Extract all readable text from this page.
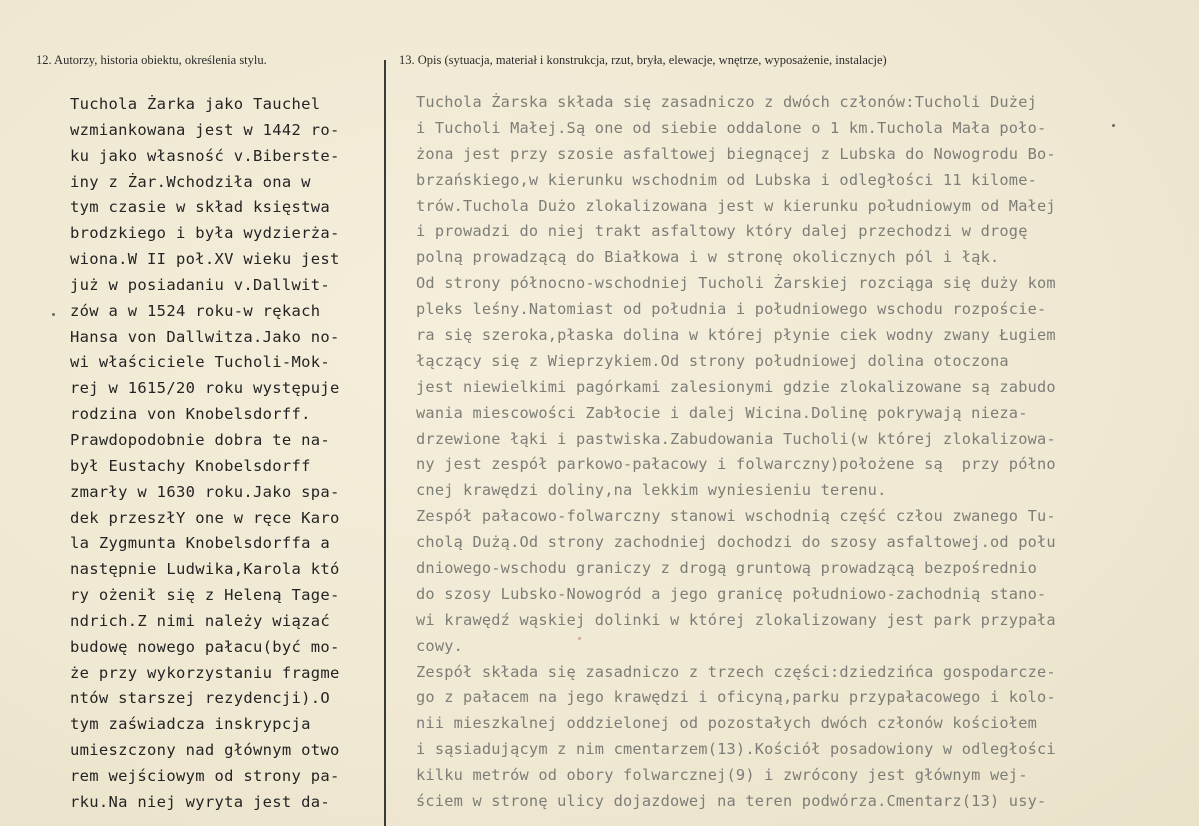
12. Autorzy, historia obiektu, określenia stylu.	13. Opis (sytuacja, materiał i konstrukcja, rzut, bryła, elewacje, wnętrze, wyposażenie, instalacje)
Tuchola Żarka jako Tauchel
wzmiankowana jest w 1442 ro-
ku jako własność v.Biberste-
iny z Żar.Wchodziła ona w
tym czasie w skład księstwa
brodzkiego i była wydzierża-
wiona.W II poł.XV wieku jest
już w posiadaniu v.Dallwit-
zów a w 1524 roku-w rękach
Hansa von Dallwitza.Jako no-
wi właściciele Tucholi-Mok-
rej w 1615/20 roku występuje
rodzina von Knobelsdorff.
Prawdopodobnie dobra te na-
był Eustachy Knobelsdorff
zmarły w 1630 roku.Jako spa-
dek przeszłY one w ręce Karo
la Zygmunta Knobelsdorffa a
następnie Ludwika,Karola któ
ry ożenił się z Heleną Tage-
ndrich.Z nimi należy wiązać
budowę nowego pałacu(być mo-
że przy wykorzystaniu fragme
ntów starszej rezydencji).O
tym zaświadcza inskrypcja
umieszczony nad głównym otwo
rem wejściowym od strony pa-
rku.Na niej wyryta jest da-
Tuchola Żarska składa się zasadniczo z dwóch członów:Tucholi Dużej
i Tucholi Małej.Są one od siebie oddalone o 1 km.Tuchola Mała poło-
żona jest przy szosie asfaltowej biegnącej z Lubska do Nowogrodu Bo-
brzańskiego,w kierunku wschodnim od Lubska i odległości 11 kilome-
trów.Tuchola Dużo zlokalizowana jest w kierunku południowym od Małej
i prowadzi do niej trakt asfaltowy który dalej przechodzi w drogę
polną prowadzącą do Białkowa i w stronę okolicznych pól i łąk.
Od strony północno-wschodniej Tucholi Żarskiej rozciąga się duży kom
pleks leśny.Natomiast od południa i południowego wschodu rozpoście-
ra się szeroka,płaska dolina w której płynie ciek wodny zwany Ługiem
łączący się z Wieprzykiem.Od strony południowej dolina otoczona
jest niewielkimi pagórkami zalesionymi gdzie zlokalizowane są zabudo
wania miescowości Zabłocie i dalej Wicina.Dolinę pokrywają nieza-
drzewione łąki i pastwiska.Zabudowania Tucholi(w której zlokalizowa-
ny jest zespół parkowo-pałacowy i folwarczny)położene są  przy półno
cnej krawędzi doliny,na lekkim wyniesieniu terenu.
Zespół pałacowo-folwarczny stanowi wschodnią część człou zwanego Tu-
cholą Dużą.Od strony zachodniej dochodzi do szosy asfaltowej.od połu
dniowego-wschodu graniczy z drogą gruntową prowadzącą bezpośrednio
do szosy Lubsko-Nowogród a jego granicę południowo-zachodnią stano-
wi krawędź wąskiej dolinki w której zlokalizowany jest park przypała
cowy.
Zespół składa się zasadniczo z trzech części:dziedzińca gospodarcze-
go z pałacem na jego krawędzi i oficyną,parku przypałacowego i kolo-
nii mieszkalnej oddzielonej od pozostałych dwóch członów kościołem
i sąsiadującym z nim cmentarzem(13).Kościół posadowiony w odległości
kilku metrów od obory folwarcznej(9) i zwrócony jest głównym wej-
ściem w stronę ulicy dojazdowej na teren podwórza.Cmentarz(13) usy-
